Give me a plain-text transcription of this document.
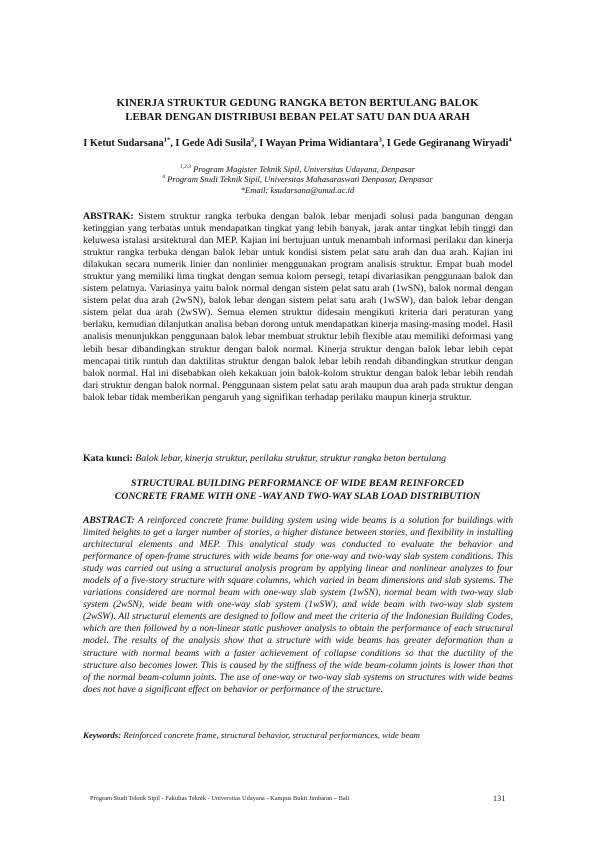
KINERJA STRUKTUR GEDUNG RANGKA BETON BERTULANG BALOK
LEBAR DENGAN DISTRIBUSI BEBAN PELAT SATU DAN DUA ARAH
I Ketut Sudarsana$^{1*}$, I Gede Adi Susila$^2$, I Wayan Prima Widiantara$^3$, I Gede Gegiranang Wiryadi$^4$
$^{1,2,3}$ Program Magister Teknik Sipil, Universitas Udayana, Denpasar
$^4$ Program Studi Teknik Sipil, Universitas Mahasaraswati Denpasar, Denpasar
*Email: ksudarsana@unud.ac.id
ABSTRAK: Sistem struktur rangka terbuka dengan balok lebar menjadi solusi pada bangunan dengan ketinggian yang terbatas untuk mendapatkan tingkat yang lebih banyak, jarak antar tingkat lebih tinggi dan keluwesa istalasi arsitektural dan MEP. Kajian ini bertujuan untuk menambah informasi perilaku dan kinerja struktur rangka terbuka dengan balok lebar untuk kondisi sistem pelat satu arah dan dua arah. Kajian ini dilakukan secara numerik linier dan nonlinier menggunakan program analisis struktur. Empat buah model struktur yang memiliki lima tingkat dengan semua kolom persegi, tetapi divariasikan penggunaan balok dan sistem pelatnya. Variasinya yaitu balok normal dengan sistem pelat satu arah (1wSN), balok normal dengan sistem pelat dua arah (2wSN), balok lebar dengan sistem pelat satu arah (1wSW), dan balok lebar dengan sistem pelat dua arah (2wSW). Semua elemen struktur didesain mengikuti kriteria dari peraturan yang berlaku, kemudian dilanjutkan analisa beban dorong untuk mendapatkan kinerja masing-masing model. Hasil analisis menunjukkan penggunaan balok lebar membuat struktur lebih flexible atau memiliki deformasi yang lebih besar dibandingkan struktur dengan balok normal. Kinerja struktur dengan balok lebar lebih cepat mencapai titik runtuh dan daktilitas struktur dengan balok lebar lebih rendah dibandingkan strutkur dengan balok normal. Hal ini disebabkan oleh kekakuan join balok-kolom struktur dengan balok lebar lebih rendah dari struktur dengan balok normal. Penggunaan sistem pelat satu arah maupun dua arah pada struktur dengan balok lebar tidak memberikan pengaruh yang signifikan terhadap perilaku maupun kinerja struktur.
Kata kunci: Balok lebar, kinerja struktur, perilaku struktur, struktur rangka beton bertulang
STRUCTURAL BUILDING PERFORMANCE OF WIDE BEAM REINFORCED
CONCRETE FRAME WITH ONE -WAY AND TWO-WAY SLAB LOAD DISTRIBUTION
ABSTRACT: A reinforced concrete frame building system using wide beams is a solution for buildings with limited heights to get a larger number of stories, a higher distance between stories, and flexibility in installing architectural elements and MEP. This analytical study was conducted to evaluate the behavior and performance of open-frame structures with wide beams for one-way and two-way slab system conditions. This study was carried out using a structural analysis program by applying linear and nonlinear analyzes to four models of a five-story structure with square columns, which varied in beam dimensions and slab systems. The variations considered are normal beam with one-way slab system (1wSN), normal beam with two-way slab system (2wSN), wide beam with one-way slab system (1wSW), and wide beam with two-way slab system (2wSW). All structural elements are designed to follow and meet the criteria of the Indonesian Building Codes, which are then followed by a non-linear static pushover analysis to obtain the performance of each structural model. The results of the analysis show that a structure with wide beams has greater deformation than a structure with normal beams with a faster achievement of collapse conditions so that the ductility of the structure also becomes lower. This is caused by the stiffness of the wide beam-column joints is lower than that of the normal beam-column joints. The use of one-way or two-way slab systems on structures with wide beams does not have a significant effect on behavior or performance of the structure.
Keywords: Reinforced concrete frame, structural behavior, structural performances, wide beam
Program Studi Teknik Sipil - Fakultas Teknik - Universitas Udayana - Kampus Bukit Jimbaran – Bali	131
